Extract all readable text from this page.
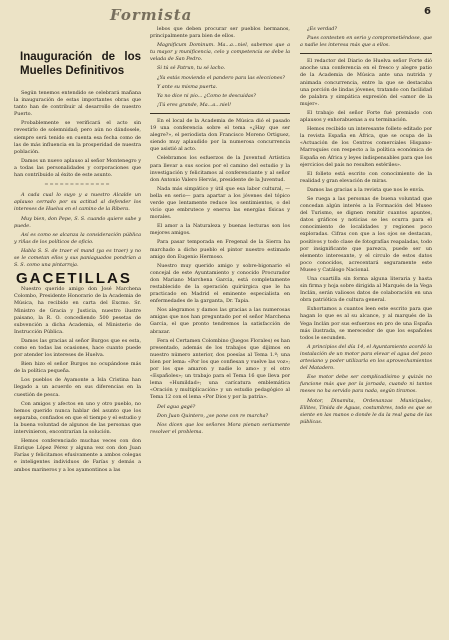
Formista	6
Inauguración de los Muelles Definitivos

Según tenemos entendido se celebrará mañana la inauguración de estas importantes obras que tanto han de contribuir al desarrollo de nuestro Puerto.

Probablemente se verificará el acto sin revestirlo de solemnidad; pero aún no dándosele, siempre será tenido en cuenta esa fecha como de las de más influencia en la prosperidad de nuestra población.

Damos un nuevo aplauso al señor Montenegro y a todas las personalidades y corporaciones que han contribuido al éxito de este asunto.

=============

A cada cual lo suyo y a nuestro Alcalde un aplauso cerrado por su actitud al defender los intereses de Huelva en el camino de la Ribera.

Muy bien, don Pepe, S. S. cuando quiere sabe y puede.

Así es como se alcanza la consideración pública y riñas de los políticos de oficio.

Habla S. S. de traer el mand (ya es traer) y no se le cometan ellos y sus paniaguados pondrían a S. S. como una pintarroja.

GACETILLAS

Nuestro querido amigo don José Marchena Colombo, Presidente Honorario de la Academia de Música, ha recibido en carta del Excmo. Sr. Ministro de Gracia y Justicia, nuestro ilustre paisano, la R. O. concediendo 500 pesetas de subvención a dicha Academia, el Ministerio de Instrucción Pública.

Damos las gracias al señor Burgos que es esta, como en todas las ocasiones, hace cuanto puede por atender los intereses de Huelva.

Bien hizo el señor Burgos no ocupándose más de la política pequeña.

Los pueblos de Ayamonte a Isla Cristina han llegado a un acuerdo en sus diferencias en la cuestión de pesca.

Con amigos y afectos en uno y otro pueblo, no hemos querido nunca hablar del asunto que los separaba, confiados en que el tiempo y el estudio y la buena voluntad de algunos de las personas que intervinieron, encontrarían la solución.

Hemos conferenciado muchas veces con don Enrique López Pérez y alguna vez con don Juan Farías y felicitamos efusivamente a ambos colegas e inteligentes individuos de Farías y demás a ambos marineros y a los ayamontinos a las

lebos que deben procurar ser pueblos hermanos, principalmente para bien de ellos.

Magnificum Dominum. Ma...a...niel, sabemos que a tu mayor y munificencia, celo y competencia se debe la velada de San Pedro.

Si tú sé Patrun, tu sé lacho.

¿Ya estás moviendo el pandero para las elecciones?

Y ante su misma puerta.

Ya no dice ni pio... ¿Como te descuidas?

¡Tú eres grande, Ma...a...niel!

En el local de la Academia de Música dió el pasado 19 una conferencia sobre el tema «¿Hay que ser alegre?», el periodista don Francisco Moreno Ortiguez, siendo muy aplaudido por la numerosa concurrencia que asistió al acto.

Celebramos los esfuerzos de la Juventud Artística para llevar a sus socios por el camino del estudio y la investigación y felicitamos al conferenciante y al señor don Antonio Valero Hervás, presidente de la Juventud.

Nada más simpático y útil que esa labor cultural, — bella en serio— para apartar a los jóvenes del tópico verde que lentamente reduce los sentimientos, o del vicio que embrutece y enerva las energías físicas y morales.

El amor a la Naturaleza y buenas lecturas son los mejores amigos.

Para pasar temporada en Fregenal de la Sierra ha marchado a dicho pueblo el pintor nuestro estimado amigo don Eugenio Hermoso.

Nuestro muy querido amigo y sobre-bigonario el concejal de este Ayuntamiento y conocido Procurador don Mariano Marchena Garcia, está completamente restablecido de la operación quirúrgica que le ha practicado en Madrid el eminente especialista en enfermedades de la garganta, Dr. Tapia.

Nos alegramos y damos las gracias a las numerosas amigas que nos han preguntado por el señor Marchena Garcia, el que pronto tendremos la satisfacción de abrazar.

Fera el Certamen Colombino (Juegos Florales) es han presentado, además de los trabajos que dijimos en nuestro número anterior, dos poesías al Tema 1.º; una bien por lema: «Por los que confiesan y vuelve las voz»; por los que amaron y nadie lo amo» y el otro «Españoles»; un trabajo para el Tema 16 que lleva por lema «Humildad»; una carícatura emblemática «Oración y multiplicación» y un estudio pedagógico al Tema 12 con el lema «Por Dios y por la patria».

Del agua gagé?

Don Juan Quintero, ¿se pone con re marcha?

Nos dicen que los señores Mora pienan seriamente resolver el problema.

¿Es verdad?

Pues contesten en serio y comprometiéndose, que a nadie les interesa más que a ellos.

El redactor del Diario de Huelva señor Forte dió anoche una conferencia en el fresco y alegre patio de la Academia de Música ante una nutrida y animada concurrencia, entre la que se destacaba una porción de lindas jóvenes, tratando con facilidad de palabra y simpática expresión del «amor de la mujer».

El trabajo del señor Forte fué premiado con aplausos y enhorabuenas a su terminación.

Hemos recibido un interesante folleto editado por la revista España en África, que se ocupa de la «Actuación de los Centros comerciales Hispano-Marroquíes con respecto a la política económica de España en África y leyes indispensables para que los ejercicios del país no resulten estériles».

El folleto está escrito con conocimiento de la realidad y gran elevación de miras.

Damos las gracias a la revista que nos le envía.

Se ruega a las personas de buena voluntad que concedan algún interés a la Formación del Museo del Turismo, se dignen remitir cuantos apuntes, datos gráficos y noticias se les ocurra para el conocimiento de localidades y regiones poco exploradas. Cifras con que a los ojos se destacan, positivos y todo clase de fotografías reapaladas, todo por insignificante que parezca, puede ser un elemento interesante, y el circulo de estos datos poco conocidos, acrecentará seguramente este Museo y Catálogo Nacional.

Una cuartilla sin forma alguna literaria y hasta sin firma y hoja sobre dirigida al Marqués de la Vega Inclán, serán valiosos datos de colaboración en una obra patriótica de cultura general.

Exhortamos a cuantos leen este escrito para que hagan lo que es al su alcance, y al marqués de la Vega Inclán por sus esfuerzos en pro de una España más ilustrada, se merecedor de que los españoles todos le secunden.

A principios del día 14, el Ayuntamiento acordó la instalación de un motor para elevar el agua del pozo artesiano y poder utilizarla en los aprovechamientos del Matadero.

Ese motor debe ser complicadísimo y quizás no funcione más que por la jornada, cuando ni tantos meses no ha servido para nada, según tiramos.

Motor, Dinamita, Ordenanzas Municipales, Ellites, Tinida de Aguas, costumbres, todo es que se siente en las manos o donde le da la real gana de las públicas.
